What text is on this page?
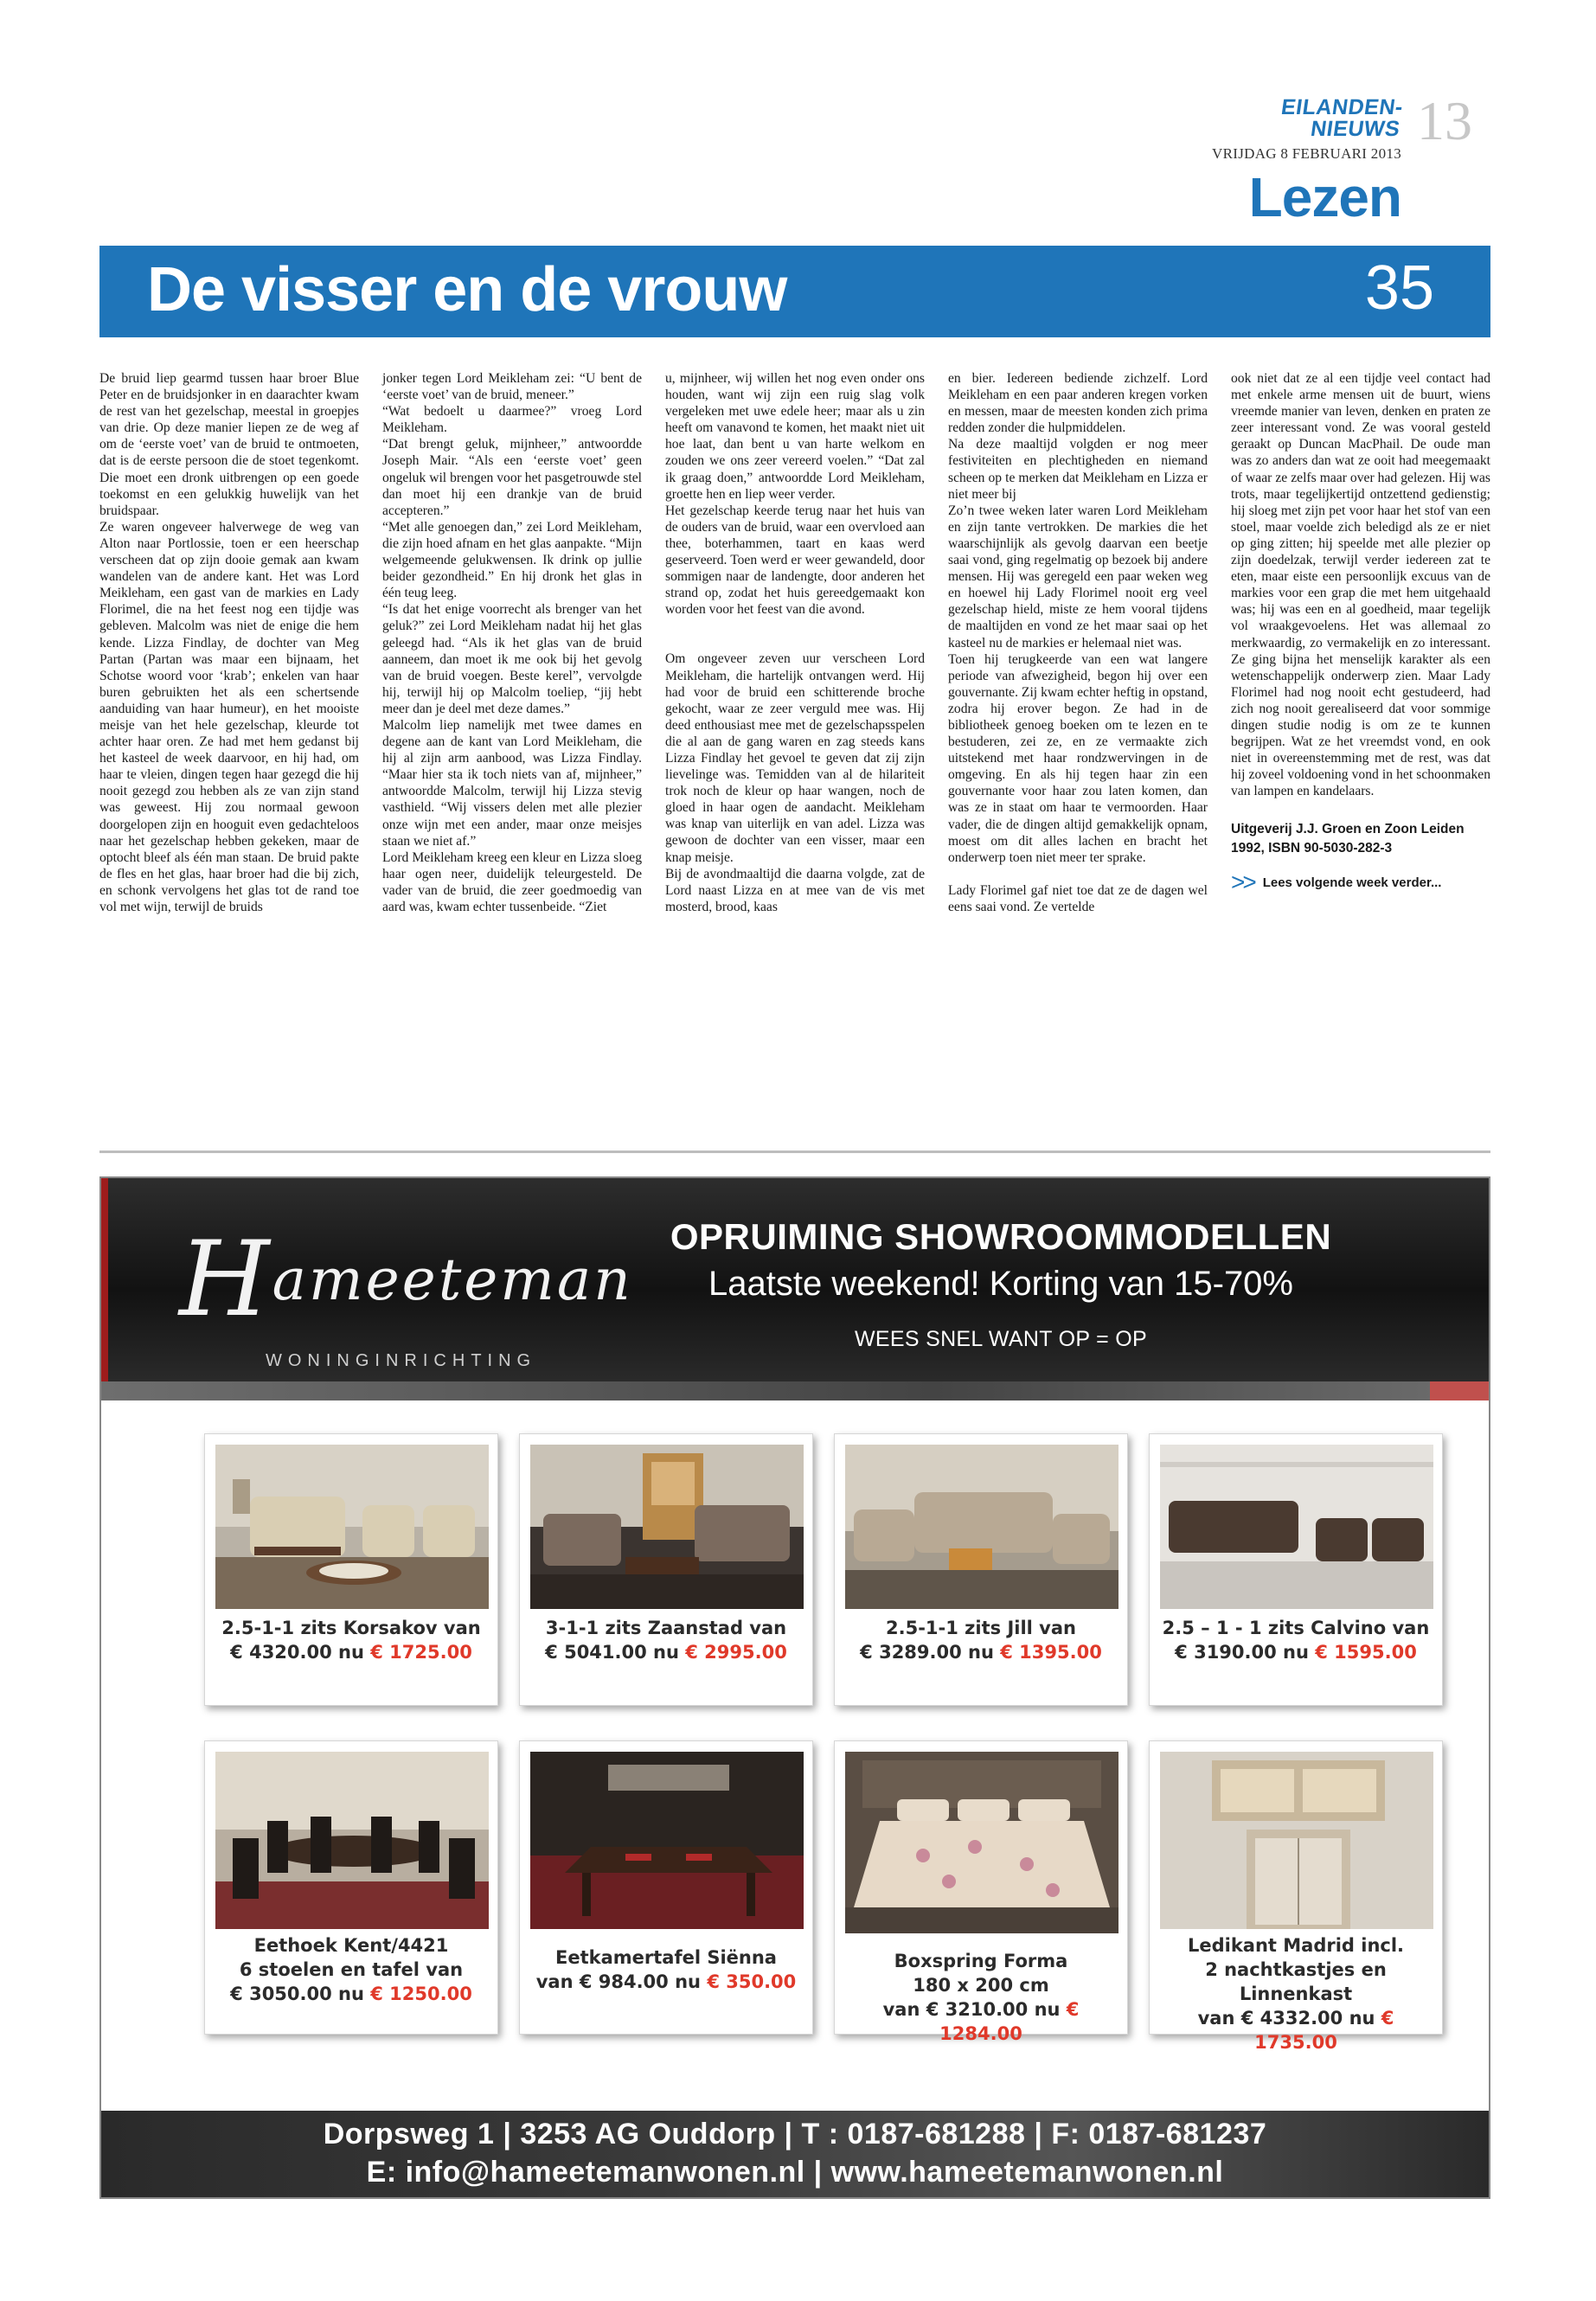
EILANDEN-NIEUWS
VRIJDAG 8 FEBRUARI 2013
13
Lezen
De visser en de vrouw	35

De bruid liep gearmd tussen haar broer Blue Peter en de bruidsjonker in en daarachter kwam de rest van het gezelschap, meestal in groepjes van drie. Op deze manier liepen ze de weg af om de ‘eerste voet’ van de bruid te ontmoeten, dat is de eerste persoon die de stoet tegenkomt. Die moet een dronk uitbrengen op een goede toekomst en een gelukkig huwelijk van het bruidspaar.

Ze waren ongeveer halverwege de weg van Alton naar Portlossie, toen er een heerschap verscheen dat op zijn dooie gemak aan kwam wandelen van de andere kant. Het was Lord Meikleham, een gast van de markies en Lady Florimel, die na het feest nog een tijdje was gebleven. Malcolm was niet de enige die hem kende. Lizza Findlay, de dochter van Meg Partan (Partan was maar een bijnaam, het Schotse woord voor ‘krab’; enkelen van haar buren gebruikten het als een schertsende aanduiding van haar humeur), en het mooiste meisje van het hele gezelschap, kleurde tot achter haar oren. Ze had met hem gedanst bij het kasteel de week daarvoor, en hij had, om haar te vleien, dingen tegen haar gezegd die hij nooit gezegd zou hebben als ze van zijn stand was geweest. Hij zou normaal gewoon doorgelopen zijn en hooguit even gedachteloos naar het gezelschap hebben gekeken, maar de optocht bleef als één man staan. De bruid pakte de fles en het glas, haar broer had die bij zich, en schonk vervolgens het glas tot de rand toe vol met wijn, terwijl de bruids

jonker tegen Lord Meikleham zei: “U bent de ‘eerste voet’ van de bruid, meneer.”

“Wat bedoelt u daarmee?” vroeg Lord Meikleham.

“Dat brengt geluk, mijnheer,” antwoordde Joseph Mair. “Als een ‘eerste voet’ geen ongeluk wil brengen voor het pasgetrouwde stel dan moet hij een drankje van de bruid accepteren.”

“Met alle genoegen dan,” zei Lord Meikleham, die zijn hoed afnam en het glas aanpakte. “Mijn welgemeende gelukwensen. Ik drink op jullie beider gezondheid.” En hij dronk het glas in één teug leeg.

“Is dat het enige voorrecht als brenger van het geluk?” zei Lord Meikleham nadat hij het glas geleegd had. “Als ik het glas van de bruid aanneem, dan moet ik me ook bij het gevolg van de bruid voegen. Beste kerel”, vervolgde hij, terwijl hij op Malcolm toeliep, “jij hebt meer dan je deel met deze dames.”

Malcolm liep namelijk met twee dames en degene aan de kant van Lord Meikleham, die hij al zijn arm aanbood, was Lizza Findlay. “Maar hier sta ik toch niets van af, mijnheer,” antwoordde Malcolm, terwijl hij Lizza stevig vasthield. “Wij vissers delen met alle plezier onze wijn met een ander, maar onze meisjes staan we niet af.”

Lord Meikleham kreeg een kleur en Lizza sloeg haar ogen neer, duidelijk teleurgesteld. De vader van de bruid, die zeer goedmoedig van aard was, kwam echter tussenbeide. “Ziet

u, mijnheer, wij willen het nog even onder ons houden, want wij zijn een ruig slag volk vergeleken met uwe edele heer; maar als u zin heeft om vanavond te komen, het maakt niet uit hoe laat, dan bent u van harte welkom en zouden we ons zeer vereerd voelen.” “Dat zal ik graag doen,” antwoordde Lord Meikleham, groette hen en liep weer verder.

Het gezelschap keerde terug naar het huis van de ouders van de bruid, waar een overvloed aan thee, boterhammen, taart en kaas werd geserveerd. Toen werd er weer gewandeld, door sommigen naar de landengte, door anderen het strand op, zodat het huis gereedgemaakt kon worden voor het feest van die avond.

Om ongeveer zeven uur verscheen Lord Meikleham, die hartelijk ontvangen werd. Hij had voor de bruid een schitterende broche gekocht, waar ze zeer verguld mee was. Hij deed enthousiast mee met de gezelschapsspelen die al aan de gang waren en zag steeds kans Lizza Findlay het gevoel te geven dat zij zijn lievelinge was. Temidden van al de hilariteit trok noch de kleur op haar wangen, noch de gloed in haar ogen de aandacht. Meikleham was knap van uiterlijk en van adel. Lizza was gewoon de dochter van een visser, maar een knap meisje.

Bij de avondmaaltijd die daarna volgde, zat de Lord naast Lizza en at mee van de vis met mosterd, brood, kaas

en bier. Iedereen bediende zichzelf. Lord Meikleham en een paar anderen kregen vorken en messen, maar de meesten konden zich prima redden zonder die hulpmiddelen.

Na deze maaltijd volgden er nog meer festiviteiten en plechtigheden en niemand scheen op te merken dat Meikleham en Lizza er niet meer bij

Zo’n twee weken later waren Lord Meikleham en zijn tante vertrokken. De markies die het waarschijnlijk als gevolg daarvan een beetje saai vond, ging regelmatig op bezoek bij andere mensen. Hij was geregeld een paar weken weg en hoewel hij Lady Florimel nooit erg veel gezelschap hield, miste ze hem vooral tijdens de maaltijden en vond ze het maar saai op het kasteel nu de markies er helemaal niet was.

Toen hij terugkeerde van een wat langere periode van afwezigheid, begon hij over een gouvernante. Zij kwam echter heftig in opstand, zodra hij erover begon. Ze had in de bibliotheek genoeg boeken om te lezen en te bestuderen, zei ze, en ze vermaakte zich uitstekend met haar rondzwervingen in de omgeving. En als hij tegen haar zin een gouvernante voor haar zou laten komen, dan was ze in staat om haar te vermoorden. Haar vader, die de dingen altijd gemakkelijk opnam, moest om dit alles lachen en bracht het onderwerp toen niet meer ter sprake.

Lady Florimel gaf niet toe dat ze de dagen wel eens saai vond. Ze vertelde

ook niet dat ze al een tijdje veel contact had met enkele arme mensen uit de buurt, wiens vreemde manier van leven, denken en praten ze zeer interessant vond. Ze was vooral gesteld geraakt op Duncan MacPhail. De oude man was zo anders dan wat ze ooit had meegemaakt of waar ze zelfs maar over had gelezen. Hij was trots, maar tegelijkertijd ontzettend gedienstig; hij sloeg met zijn pet voor haar het stof van een stoel, maar voelde zich beledigd als ze er niet op ging zitten; hij speelde met alle plezier op zijn doedelzak, terwijl verder iedereen zat te eten, maar eiste een persoonlijk excuus van de markies voor een grap die met hem uitgehaald was; hij was een en al goedheid, maar tegelijk vol wraakgevoelens. Het was allemaal zo merkwaardig, zo vermakelijk en zo interessant. Ze ging bijna het menselijk karakter als een wetenschappelijk onderwerp zien. Maar Lady Florimel had nog nooit echt gestudeerd, had zich nog nooit gerealiseerd dat voor sommige dingen studie nodig is om ze te kunnen begrijpen. Wat ze het vreemdst vond, en ook niet in overeenstemming met de rest, was dat hij zoveel voldoening vond in het schoonmaken van lampen en kandelaars.

Uitgeverij J.J. Groen en Zoon Leiden
1992, ISBN 90-5030-282-3
>> Lees volgende week verder...
Hameeteman
WONINGINRICHTING
OPRUIMING SHOWROOMMODELLEN
Laatste weekend! Korting van 15-70%
WEES SNEL WANT OP = OP
2.5-1-1 zits Korsakov van
€ 4320.00 nu € 1725.00
3-1-1 zits Zaanstad van
€ 5041.00 nu € 2995.00
2.5-1-1 zits Jill van
€ 3289.00 nu € 1395.00
2.5 – 1 - 1 zits Calvino van
€ 3190.00 nu € 1595.00
Eethoek Kent/4421
6 stoelen en tafel van
€ 3050.00 nu € 1250.00
Eetkamertafel Siënna
van € 984.00 nu € 350.00
Boxspring Forma
180 x 200 cm
van € 3210.00 nu € 1284.00
Ledikant Madrid incl.
2 nachtkastjes en Linnenkast
van € 4332.00 nu € 1735.00
Dorpsweg 1 | 3253 AG Ouddorp | T : 0187-681288 | F: 0187-681237
E: info@hameetemanwonen.nl | www.hameetemanwonen.nl
